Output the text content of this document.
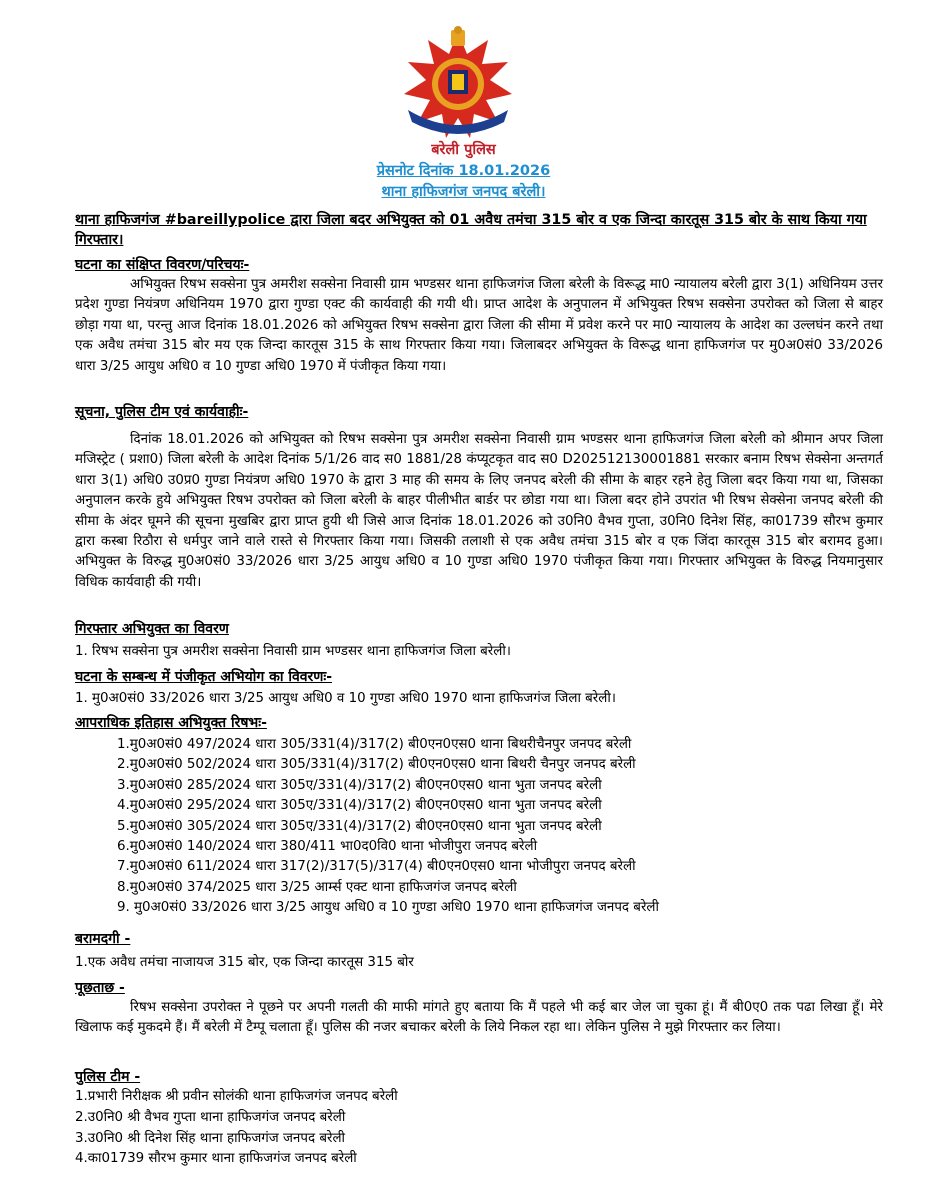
बरेली पुलिस
प्रेसनोट दिनांक 18.01.2026
थाना हाफिजगंज जनपद बरेली।
थाना हाफिजगंज #bareillypolice द्वारा जिला बदर अभियुक्त को 01 अवैध तमंचा 315 बोर व एक जिन्दा कारतूस 315 बोर के साथ किया गया गिरफ्तार।
घटना का संक्षिप्त विवरण/परिचयः-
अभियुक्त रिषभ सक्सेना पुत्र अमरीश सक्सेना निवासी ग्राम भण्डसर थाना हाफिजगंज जिला बरेली के विरूद्ध मा0 न्यायालय बरेली द्वारा 3(1) अधिनियम उत्तर प्रदेश गुण्डा नियंत्रण अधिनियम 1970 द्वारा गुण्डा एक्ट की कार्यवाही की गयी थी। प्राप्त आदेश के अनुपालन में अभियुक्त रिषभ सक्सेना उपरोक्त को जिला से बाहर छोड़ा गया था, परन्तु आज दिनांक 18.01.2026 को अभियुक्त रिषभ सक्सेना द्वारा जिला की सीमा में प्रवेश करने पर मा0 न्यायालय के आदेश का उल्लघंन करने तथा एक अवैध तमंचा 315 बोर मय एक जिन्दा कारतूस 315 के साथ गिरफ्तार किया गया। जिलाबदर अभियुक्त के विरूद्ध थाना हाफिजगंज पर मु0अ0सं0 33/2026 धारा 3/25 आयुध अधि0 व 10 गुण्डा अधि0 1970 में पंजीकृत किया गया।
सूचना, पुलिस टीम एवं कार्यवाहीः-
दिनांक 18.01.2026 को अभियुक्त को रिषभ सक्सेना पुत्र अमरीश सक्सेना निवासी ग्राम भण्डसर थाना हाफिजगंज जिला बरेली को श्रीमान अपर जिला मजिस्ट्रेट ( प्रशा0) जिला बरेली के आदेश दिनांक 5/1/26 वाद स0 1881/28 कंप्यूटकृत वाद स0 D202512130001881 सरकार बनाम रिषभ सेक्सेना अन्तगर्त धारा 3(1) अधि0 उ0प्र0 गुण्डा नियंत्रण अधि0 1970 के द्वारा 3 माह की समय के लिए जनपद बरेली की सीमा के बाहर रहने हेतु जिला बदर किया गया था, जिसका अनुपालन करके हुये अभियुक्त रिषभ उपरोक्त को जिला बरेली के बाहर पीलीभीत बार्डर पर छोडा गया था। जिला बदर होने उपरांत भी रिषभ सेक्सेना जनपद बरेली की सीमा के अंदर घूमने की सूचना मुखबिर द्वारा प्राप्त हुयी थी जिसे आज दिनांक 18.01.2026 को उ0नि0 वैभव गुप्ता, उ0नि0 दिनेश सिंह, का01739 सौरभ कुमार द्वारा कस्बा रिठौरा से धर्मपुर जाने वाले रास्ते से गिरफ्तार किया गया। जिसकी तलाशी से एक अवैध तमंचा 315 बोर व एक जिंदा कारतूस 315 बोर बरामद हुआ। अभियुक्त के विरुद्ध मु0अ0सं0 33/2026 धारा 3/25 आयुध अधि0 व 10 गुण्डा अधि0 1970 पंजीकृत किया गया। गिरफ्तार अभियुक्त के विरुद्ध नियमानुसार विधिक कार्यवाही की गयी।
गिरफ्तार अभियुक्त का विवरण
1. रिषभ सक्सेना पुत्र अमरीश सक्सेना निवासी ग्राम भण्डसर थाना हाफिजगंज जिला बरेली।
घटना के सम्बन्ध में पंजीकृत अभियोग का विवरणः-
1. मु0अ0सं0 33/2026 धारा 3/25 आयुध अधि0 व 10 गुण्डा अधि0 1970 थाना हाफिजगंज जिला बरेली।
आपराधिक इतिहास अभियुक्त रिषभः-
1.मु0अ0सं0 497/2024 धारा 305/331(4)/317(2) बी0एन0एस0 थाना बिथरीचैनपुर जनपद बरेली
2.मु0अ0सं0 502/2024 धारा 305/331(4)/317(2) बी0एन0एस0 थाना बिथरी चैनपुर जनपद बरेली
3.मु0अ0सं0 285/2024 धारा 305ए/331(4)/317(2) बी0एन0एस0 थाना भुता जनपद बरेली
4.मु0अ0सं0 295/2024 धारा 305ए/331(4)/317(2) बी0एन0एस0 थाना भुता जनपद बरेली
5.मु0अ0सं0 305/2024 धारा 305ए/331(4)/317(2) बी0एन0एस0 थाना भुता जनपद बरेली
6.मु0अ0सं0 140/2024 धारा 380/411 भा0द0वि0 थाना भोजीपुरा जनपद बरेली
7.मु0अ0सं0 611/2024 धारा 317(2)/317(5)/317(4) बी0एन0एस0 थाना भोजीपुरा जनपद बरेली
8.मु0अ0सं0 374/2025 धारा 3/25 आर्म्स एक्ट थाना हाफिजगंज जनपद बरेली
9. मु0अ0सं0 33/2026 धारा 3/25 आयुध अधि0 व 10 गुण्डा अधि0 1970 थाना हाफिजगंज जनपद बरेली
बरामदगी -
1.एक अवैध तमंचा नाजायज 315 बोर, एक जिन्दा कारतूस 315 बोर
पूछताछ -
रिषभ सक्सेना उपरोक्त ने पूछने पर अपनी गलती की माफी मांगते हुए बताया कि मैं पहले भी कई बार जेल जा चुका हूं। मैं बी0ए0 तक पढा लिखा हूँ। मेरे खिलाफ कई मुकदमे हैं। मैं बरेली में टैम्पू चलाता हूँ। पुलिस की नजर बचाकर बरेली के लिये निकल रहा था। लेकिन पुलिस ने मुझे गिरफ्तार कर लिया।
पुलिस टीम -
1.प्रभारी निरीक्षक श्री प्रवीन सोलंकी थाना हाफिजगंज जनपद बरेली
2.उ0नि0 श्री वैभव गुप्ता थाना हाफिजगंज जनपद बरेली
3.उ0नि0 श्री दिनेश सिंह थाना हाफिजगंज जनपद बरेली
4.का01739 सौरभ कुमार थाना हाफिजगंज जनपद बरेली
